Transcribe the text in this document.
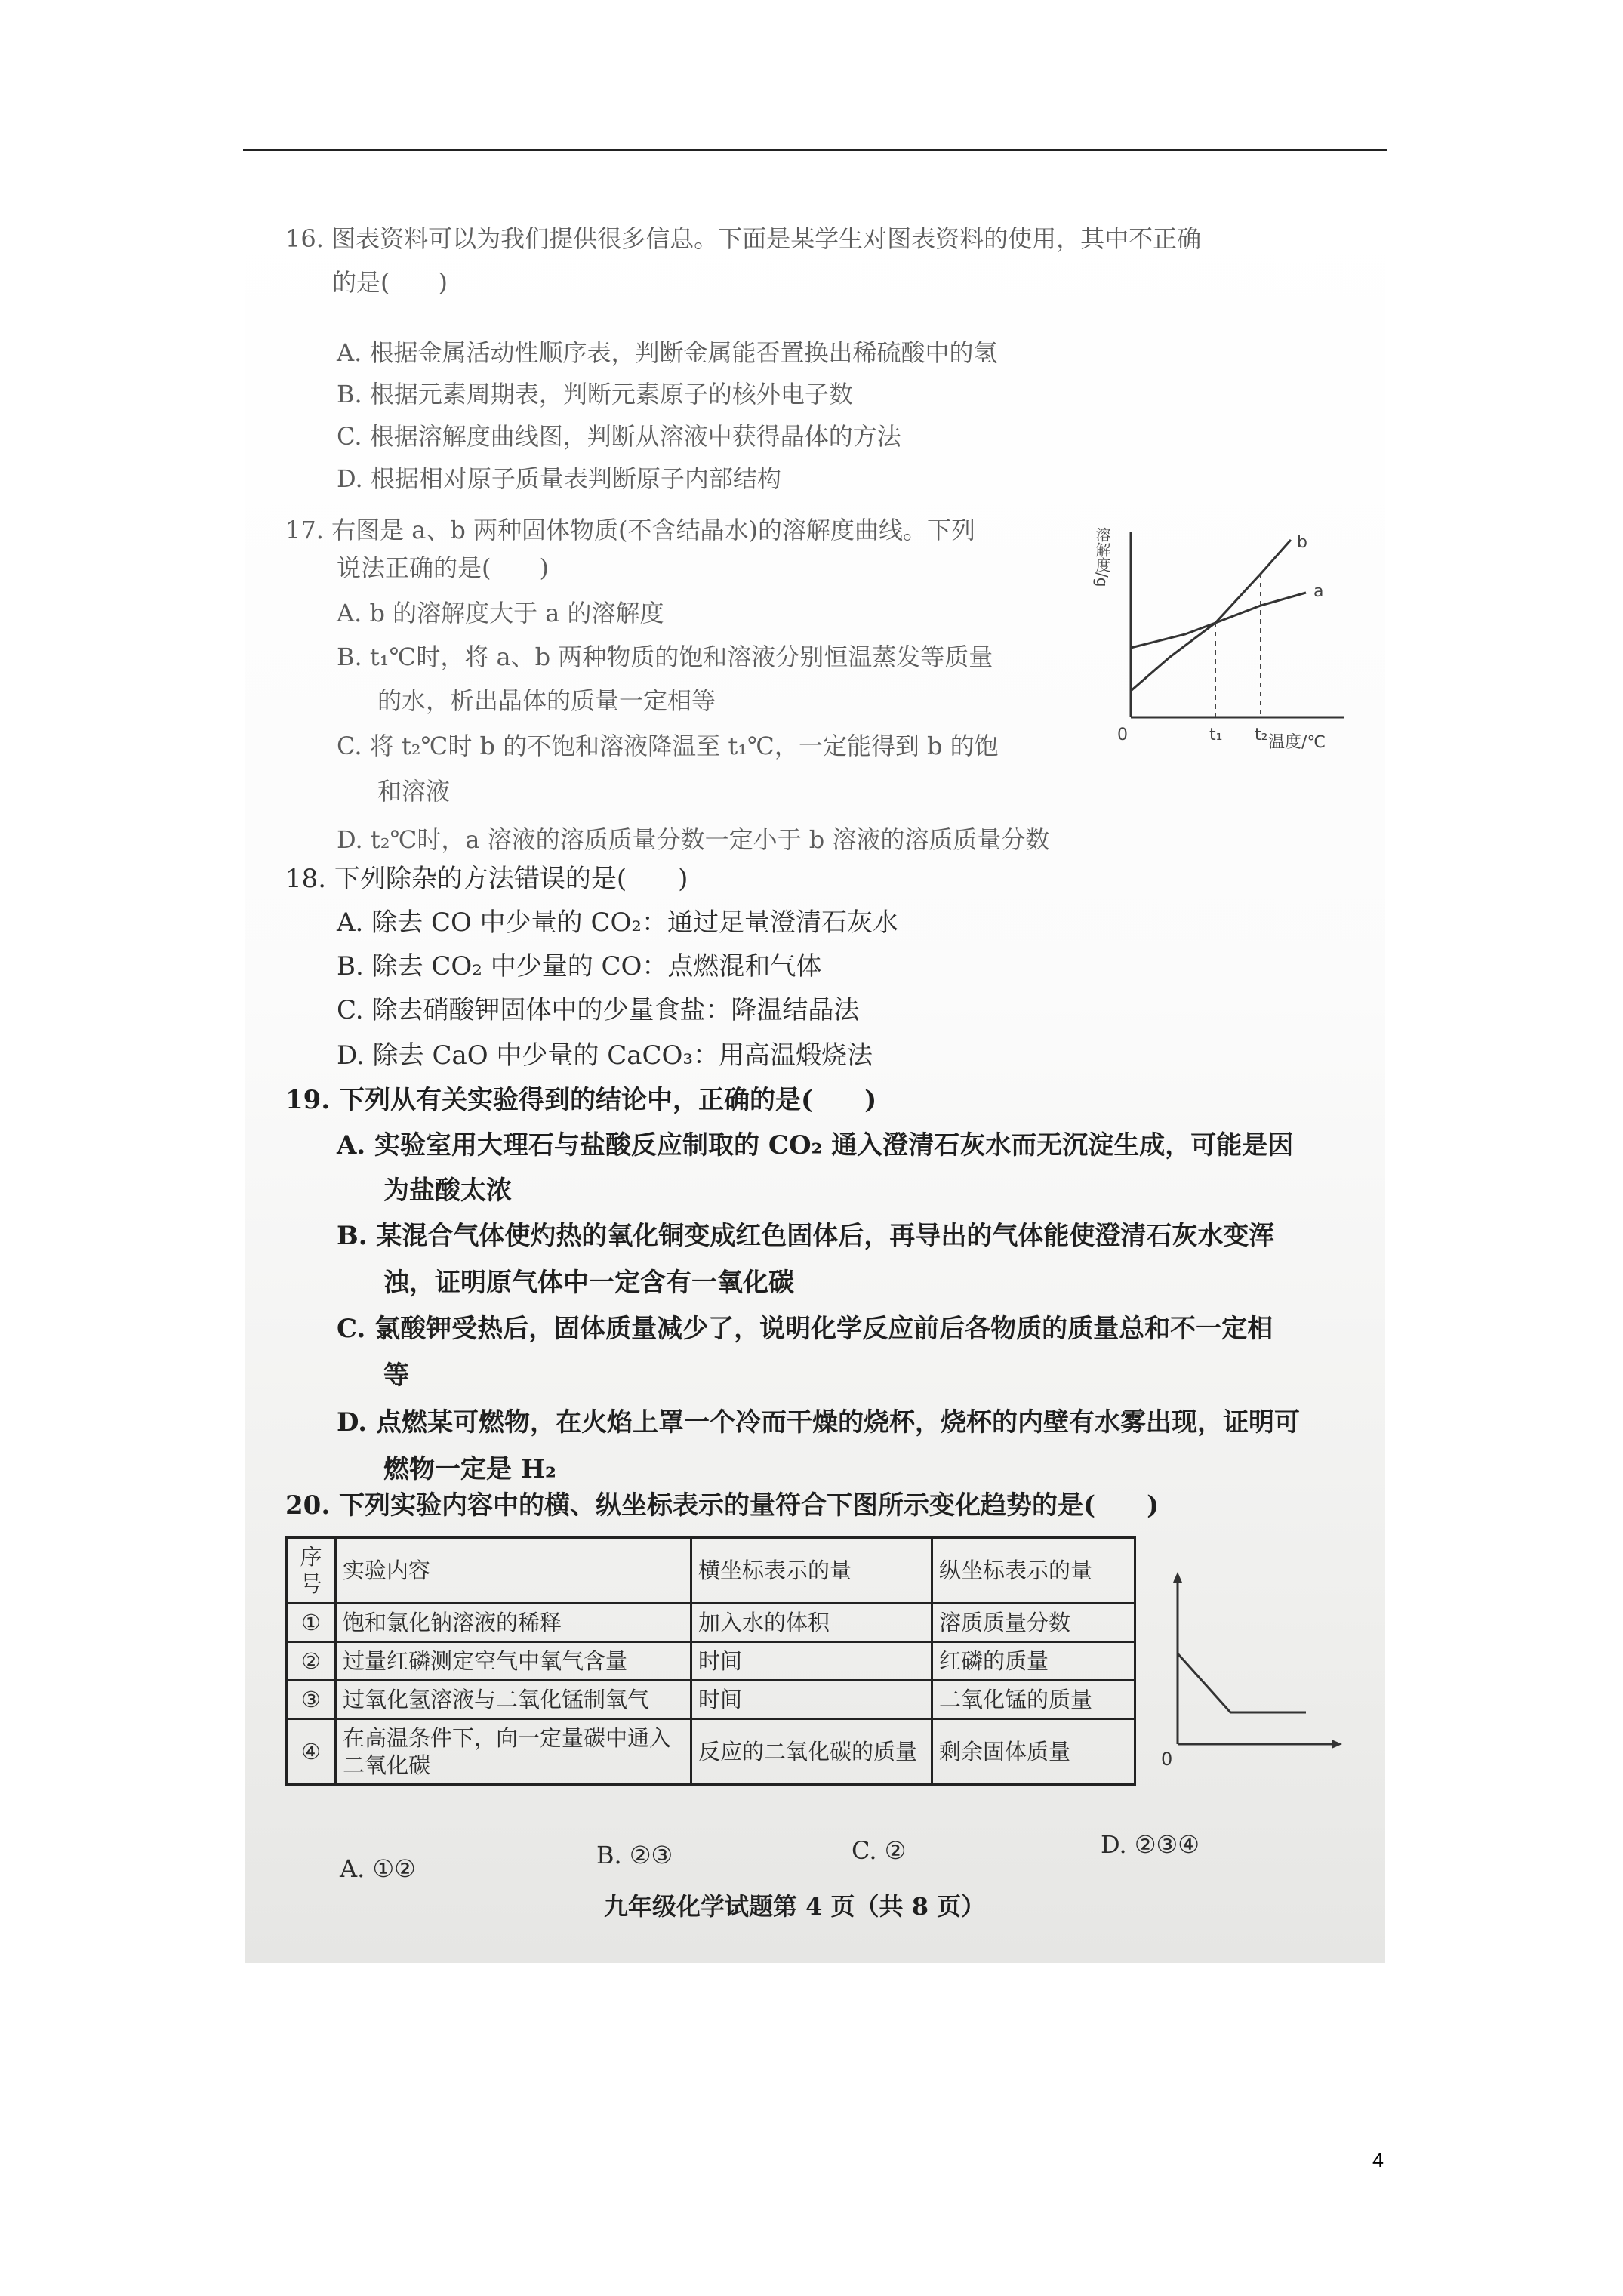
16. 图表资料可以为我们提供很多信息。下面是某学生对图表资料的使用，其中不正确
的是(　　)
A. 根据金属活动性顺序表，判断金属能否置换出稀硫酸中的氢
B. 根据元素周期表，判断元素原子的核外电子数
C. 根据溶解度曲线图，判断从溶液中获得晶体的方法
D. 根据相对原子质量表判断原子内部结构
17. 右图是 a、b 两种固体物质(不含结晶水)的溶解度曲线。下列
说法正确的是(　　)
A. b 的溶解度大于 a 的溶解度
B. t₁℃时，将 a、b 两种物质的饱和溶液分别恒温蒸发等质量
的水，析出晶体的质量一定相等
C. 将 t₂℃时 b 的不饱和溶液降温至 t₁℃，一定能得到 b 的饱
和溶液
D. t₂℃时，a 溶液的溶质质量分数一定小于 b 溶液的溶质质量分数
溶解度/g
温度/℃
0	t₁ t₂
b
a
18. 下列除杂的方法错误的是(　　)
A. 除去 CO 中少量的 CO₂：通过足量澄清石灰水
B. 除去 CO₂ 中少量的 CO：点燃混和气体
C. 除去硝酸钾固体中的少量食盐：降温结晶法
D. 除去 CaO 中少量的 CaCO₃：用高温煅烧法
19. 下列从有关实验得到的结论中，正确的是(　　)
A. 实验室用大理石与盐酸反应制取的 CO₂ 通入澄清石灰水而无沉淀生成，可能是因
为盐酸太浓
B. 某混合气体使灼热的氧化铜变成红色固体后，再导出的气体能使澄清石灰水变浑
浊，证明原气体中一定含有一氧化碳
C. 氯酸钾受热后，固体质量减少了，说明化学反应前后各物质的质量总和不一定相
等
D. 点燃某可燃物，在火焰上罩一个冷而干燥的烧杯，烧杯的内壁有水雾出现，证明可
燃物一定是 H₂
20. 下列实验内容中的横、纵坐标表示的量符合下图所示变化趋势的是(　　)
序号	实验内容	横坐标表示的量	纵坐标表示的量
①	饱和氯化钠溶液的稀释	加入水的体积	溶质质量分数
②	过量红磷测定空气中氧气含量	时间	红磷的质量
③	过氧化氢溶液与二氧化锰制氧气	时间	二氧化锰的质量
④	在高温条件下，向一定量碳中通入二氧化碳	反应的二氧化碳的质量	剩余固体质量	0
A. ①②	B. ②③	C. ②	D. ②③④
九年级化学试题第 4 页（共 8 页）
4
